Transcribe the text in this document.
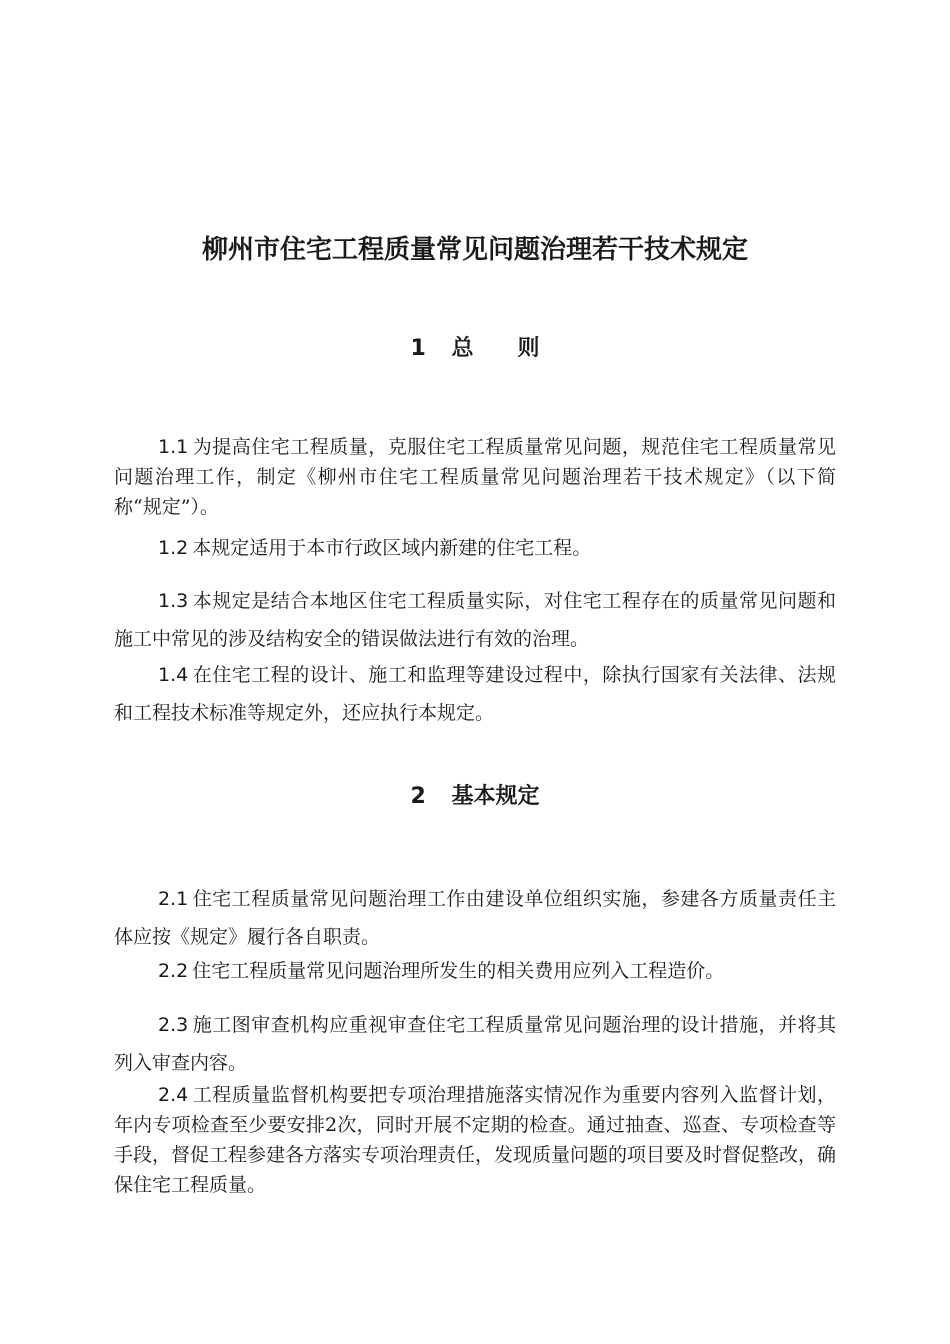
柳州市住宅工程质量常见问题治理若干技术规定
1 总则

1.1 为提高住宅工程质量，克服住宅工程质量常见问题，规范住宅工程质量常见问题治理工作，制定《柳州市住宅工程质量常见问题治理若干技术规定》（以下简称“规定”）。

1.2 本规定适用于本市行政区域内新建的住宅工程。

1.3 本规定是结合本地区住宅工程质量实际，对住宅工程存在的质量常见问题和施工中常见的涉及结构安全的错误做法进行有效的治理。

1.4 在住宅工程的设计、施工和监理等建设过程中，除执行国家有关法律、法规和工程技术标准等规定外，还应执行本规定。

2 基本规定

2.1 住宅工程质量常见问题治理工作由建设单位组织实施，参建各方质量责任主体应按《规定》履行各自职责。

2.2 住宅工程质量常见问题治理所发生的相关费用应列入工程造价。

2.3 施工图审查机构应重视审查住宅工程质量常见问题治理的设计措施，并将其列入审查内容。

2.4 工程质量监督机构要把专项治理措施落实情况作为重要内容列入监督计划，年内专项检查至少要安排2次，同时开展不定期的检查。通过抽查、巡查、专项检查等手段，督促工程参建各方落实专项治理责任，发现质量问题的项目要及时督促整改，确保住宅工程质量。
